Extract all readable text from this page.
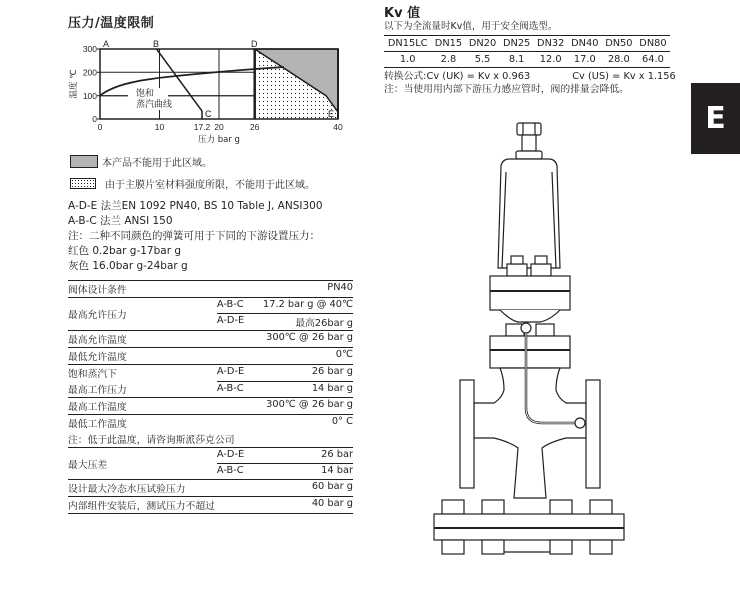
压力/温度限制
饱和
蒸汽曲线
300
200
100
0
温度 ℃
0	10	17.2 20	26	40
压力 bar g
A	B
C
D
E
本产品不能用于此区域。
由于主膜片室材料强度所限，不能用于此区域。
A-D-E 法兰EN 1092 PN40, BS 10 Table J, ANSI300
A-B-C 法兰 ANSI 150
注：二种不同颜色的弹簧可用于下同的下游设置压力：
红色 0.2bar g-17bar g
灰色 16.0bar g-24bar g
阀体设计条件		PN40
最高允许压力	A-B-C	17.2 bar g @ 40℃
	A-D-E	最高26bar g
最高允许温度		300℃ @ 26 bar g
最低允许温度		0℃
饱和蒸汽下	A-D-E	26 bar g
最高工作压力	A-B-C	14 bar g
最高工作温度		300℃ @ 26 bar g
最低工作温度		0° C
注：低于此温度，请咨询斯派莎克公司		
最大压差	A-D-E	26 bar
	A-B-C	14 bar
设计最大冷态水压试验压力		60 bar g
内部组件安装后，测试压力不超过		40 bar g
Kv 值
以下为全流量时Kv值，用于安全阀选型。
DN15LC	DN15	DN20	DN25	DN32	DN40	DN50	DN80
1.0	2.8	5.5	8.1	12.0	17.0	28.0	64.0
转换公式:Cv (UK) = Kv x 0.963	Cv (US) = Kv x 1.156
注：当使用用内部下游压力感应管时，阀的排量会降低。
E
